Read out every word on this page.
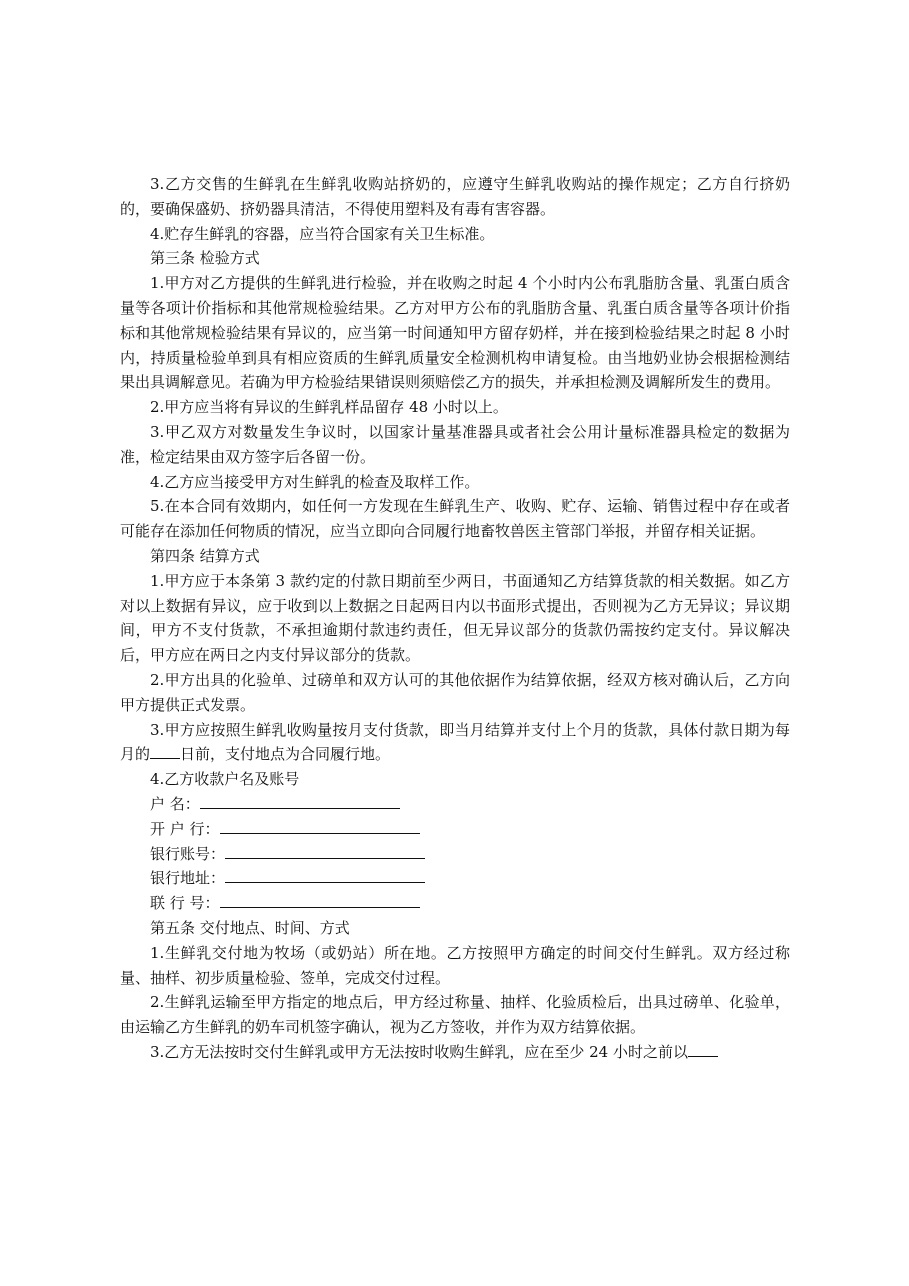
3.乙方交售的生鲜乳在生鲜乳收购站挤奶的，应遵守生鲜乳收购站的操作规定；乙方自行挤奶的，要确保盛奶、挤奶器具清洁，不得使用塑料及有毒有害容器。

4.贮存生鲜乳的容器，应当符合国家有关卫生标准。

第三条 检验方式

1.甲方对乙方提供的生鲜乳进行检验，并在收购之时起 4 个小时内公布乳脂肪含量、乳蛋白质含量等各项计价指标和其他常规检验结果。乙方对甲方公布的乳脂肪含量、乳蛋白质含量等各项计价指标和其他常规检验结果有异议的，应当第一时间通知甲方留存奶样，并在接到检验结果之时起 8 小时内，持质量检验单到具有相应资质的生鲜乳质量安全检测机构申请复检。由当地奶业协会根据检测结果出具调解意见。若确为甲方检验结果错误则须赔偿乙方的损失，并承担检测及调解所发生的费用。

2.甲方应当将有异议的生鲜乳样品留存 48 小时以上。

3.甲乙双方对数量发生争议时，以国家计量基准器具或者社会公用计量标准器具检定的数据为准，检定结果由双方签字后各留一份。

4.乙方应当接受甲方对生鲜乳的检查及取样工作。

5.在本合同有效期内，如任何一方发现在生鲜乳生产、收购、贮存、运输、销售过程中存在或者可能存在添加任何物质的情况，应当立即向合同履行地畜牧兽医主管部门举报，并留存相关证据。

第四条 结算方式

1.甲方应于本条第 3 款约定的付款日期前至少两日，书面通知乙方结算货款的相关数据。如乙方对以上数据有异议，应于收到以上数据之日起两日内以书面形式提出，否则视为乙方无异议；异议期间，甲方不支付货款，不承担逾期付款违约责任，但无异议部分的货款仍需按约定支付。异议解决后，甲方应在两日之内支付异议部分的货款。

2.甲方出具的化验单、过磅单和双方认可的其他依据作为结算依据，经双方核对确认后，乙方向甲方提供正式发票。

3.甲方应按照生鲜乳收购量按月支付货款，即当月结算并支付上个月的货款，具体付款日期为每月的 日前，支付地点为合同履行地。

4.乙方收款户名及账号

户 名：

开 户 行：

银行账号：

银行地址：

联 行 号：

第五条 交付地点、时间、方式

1.生鲜乳交付地为牧场（或奶站）所在地。乙方按照甲方确定的时间交付生鲜乳。双方经过称量、抽样、初步质量检验、签单，完成交付过程。

2.生鲜乳运输至甲方指定的地点后，甲方经过称量、抽样、化验质检后，出具过磅单、化验单，由运输乙方生鲜乳的奶车司机签字确认，视为乙方签收，并作为双方结算依据。

3.乙方无法按时交付生鲜乳或甲方无法按时收购生鲜乳，应在至少 24 小时之前以
